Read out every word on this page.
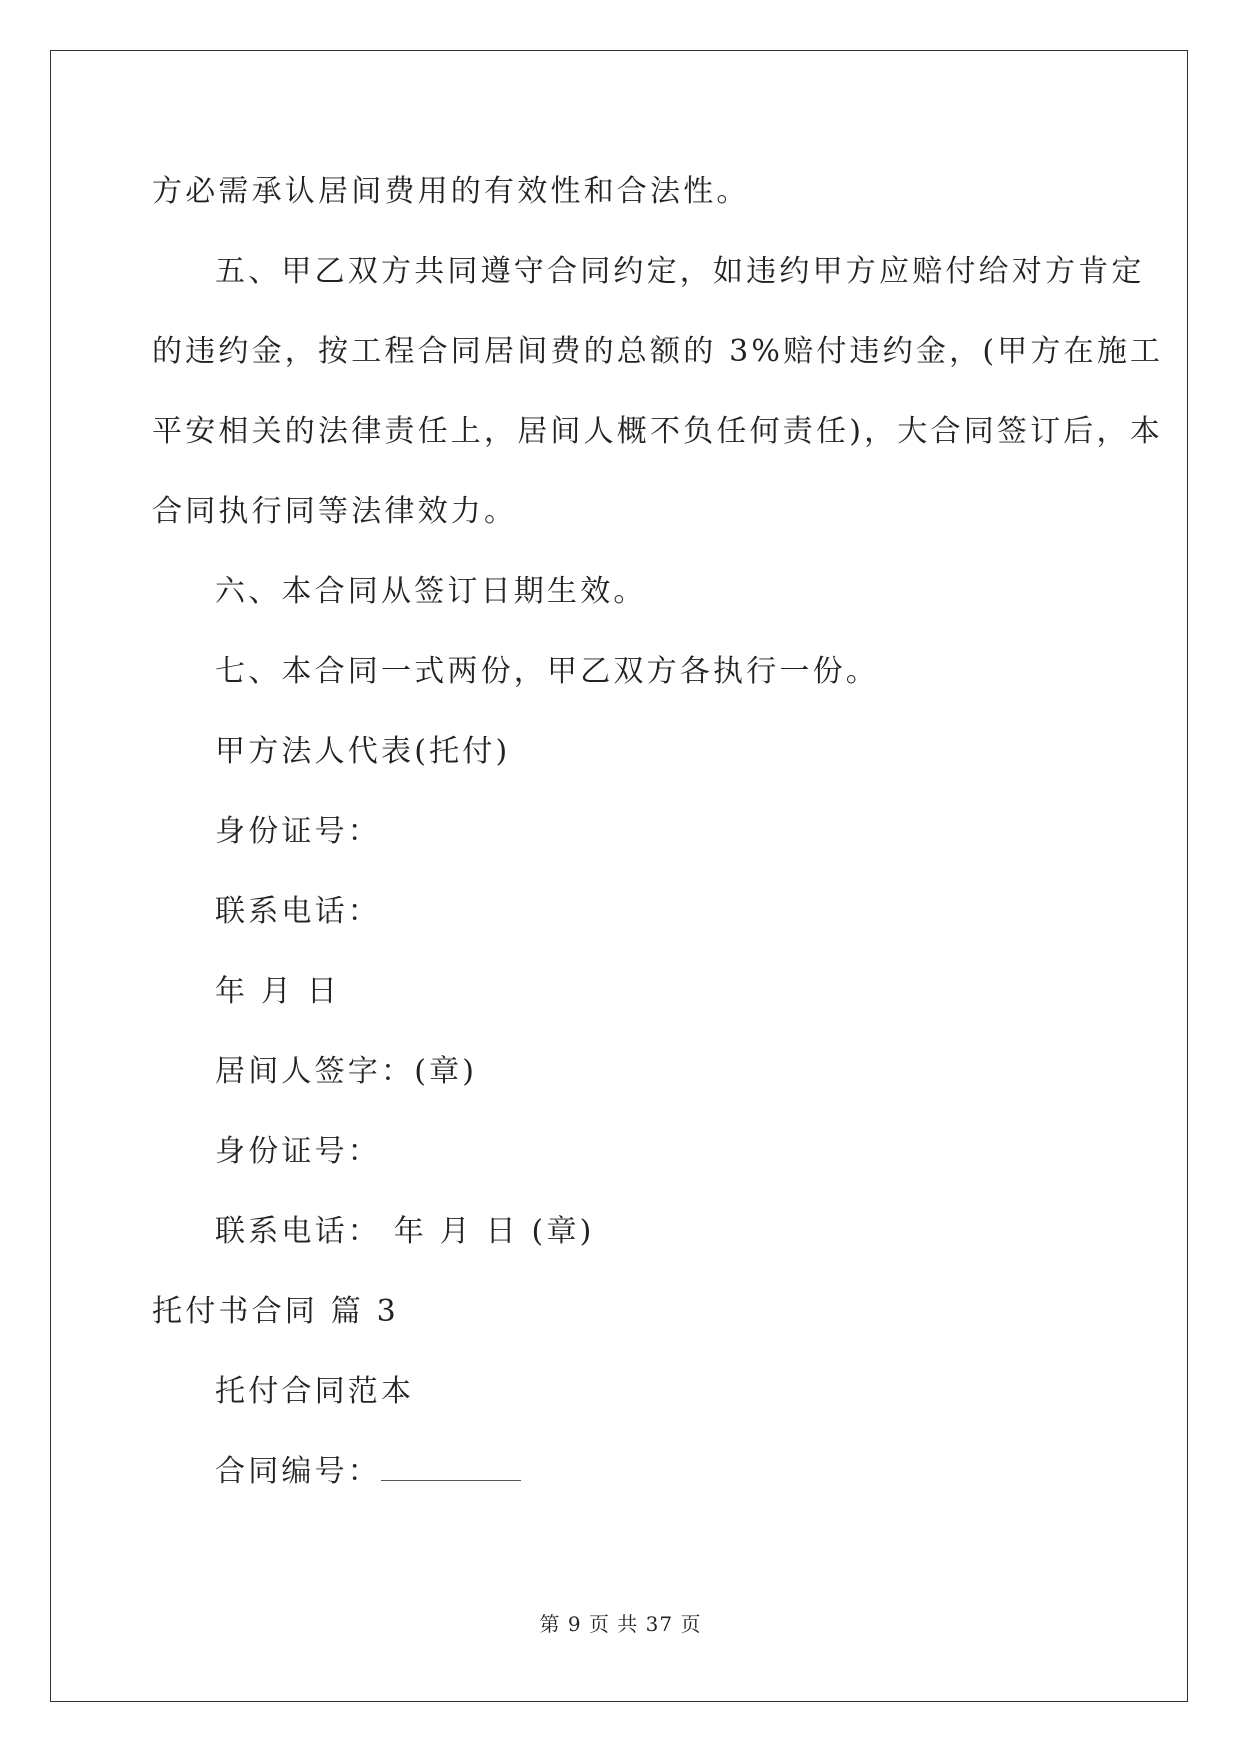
方必需承认居间费用的有效性和合法性。

五、甲乙双方共同遵守合同约定，如违约甲方应赔付给对方肯定

的违约金，按工程合同居间费的总额的 3%赔付违约金，(甲方在施工

平安相关的法律责任上，居间人概不负任何责任)，大合同签订后，本

合同执行同等法律效力。

六、本合同从签订日期生效。

七、本合同一式两份，甲乙双方各执行一份。

甲方法人代表(托付)

身份证号：

联系电话：

年 月 日

居间人签字：(章)

身份证号：

联系电话： 年 月 日 (章)

托付书合同 篇 3

托付合同范本

合同编号：

第 9 页 共 37 页
